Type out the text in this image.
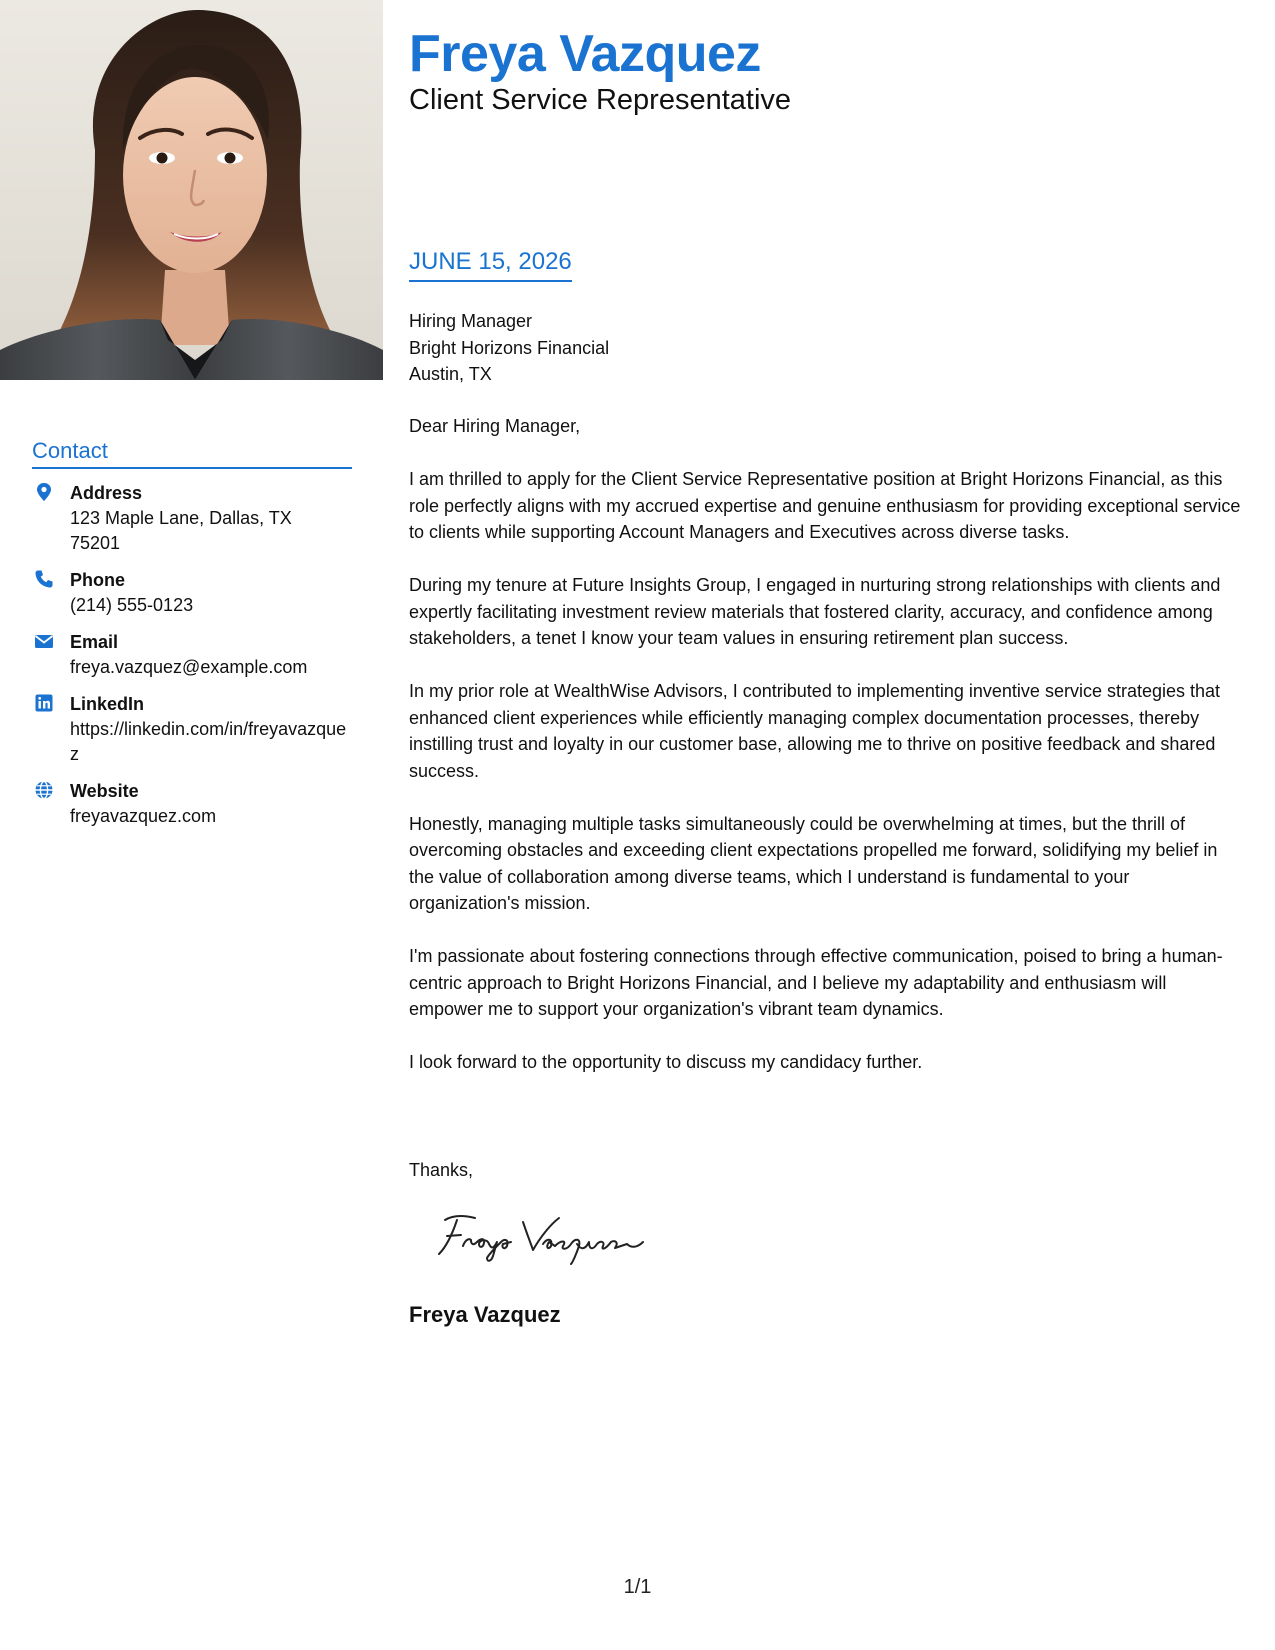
Contact
Address
123 Maple Lane, Dallas, TX 75201
Phone
(214) 555-0123
Email
freya.vazquez@example.com
LinkedIn
https://linkedin.com/in/freyavazquez
Website
freyavazquez.com
Freya Vazquez
Client Service Representative
JUNE 15, 2026
Hiring Manager
Bright Horizons Financial
Austin, TX

Dear Hiring Manager,

I am thrilled to apply for the Client Service Representative position at Bright Horizons Financial, as this role perfectly aligns with my accrued expertise and genuine enthusiasm for providing exceptional service to clients while supporting Account Managers and Executives across diverse tasks.

During my tenure at Future Insights Group, I engaged in nurturing strong relationships with clients and expertly facilitating investment review materials that fostered clarity, accuracy, and confidence among stakeholders, a tenet I know your team values in ensuring retirement plan success.

In my prior role at WealthWise Advisors, I contributed to implementing inventive service strategies that enhanced client experiences while efficiently managing complex documentation processes, thereby instilling trust and loyalty in our customer base, allowing me to thrive on positive feedback and shared success.

Honestly, managing multiple tasks simultaneously could be overwhelming at times, but the thrill of overcoming obstacles and exceeding client expectations propelled me forward, solidifying my belief in the value of collaboration among diverse teams, which I understand is fundamental to your organization's mission.

I'm passionate about fostering connections through effective communication, poised to bring a human-centric approach to Bright Horizons Financial, and I believe my adaptability and enthusiasm will empower me to support your organization's vibrant team dynamics.

I look forward to the opportunity to discuss my candidacy further.

Thanks,
Freya Vazquez
1/1
